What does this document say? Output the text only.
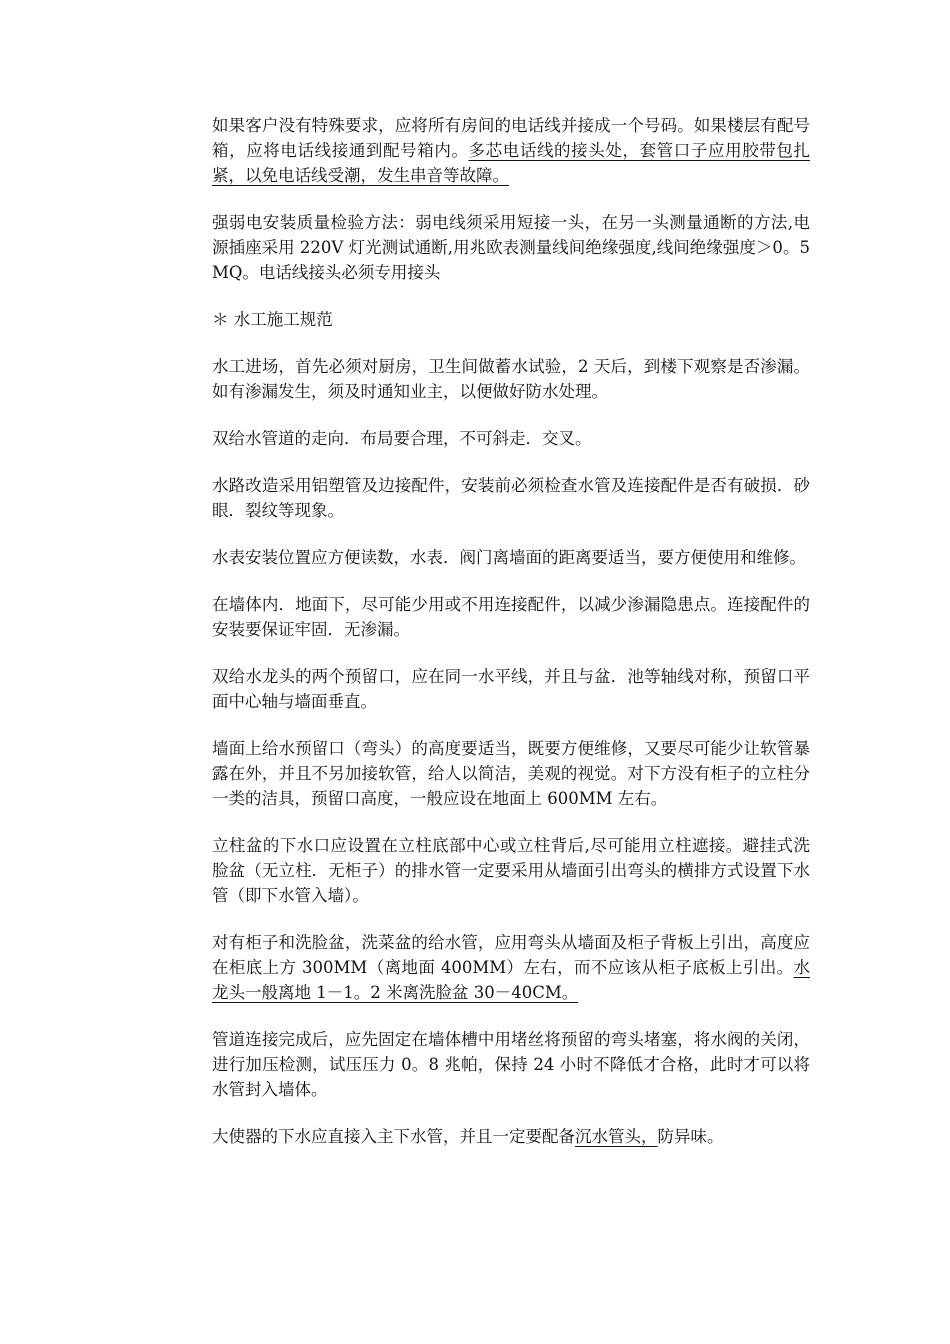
如果客户没有特殊要求，应将所有房间的电话线并接成一个号码。如果楼层有配号箱，应将电话线接通到配号箱内。多芯电话线的接头处，套管口子应用胶带包扎紧，以免电话线受潮，发生串音等故障。

强弱电安装质量检验方法：弱电线须采用短接一头，在另一头测量通断的方法,电源插座采用 220V 灯光测试通断,用兆欧表测量线间绝缘强度,线间绝缘强度＞0。5MQ。电话线接头必须专用接头

＊ 水工施工规范

水工进场，首先必须对厨房，卫生间做蓄水试验，2 天后，到楼下观察是否渗漏。如有渗漏发生，须及时通知业主，以便做好防水处理。

双给水管道的走向．布局要合理，不可斜走．交叉。

水路改造采用铝塑管及边接配件，安装前必须检查水管及连接配件是否有破损．砂眼．裂纹等现象。

水表安装位置应方便读数，水表．阀门离墙面的距离要适当，要方便使用和维修。

在墙体内．地面下，尽可能少用或不用连接配件，以减少渗漏隐患点。连接配件的安装要保证牢固．无渗漏。

双给水龙头的两个预留口，应在同一水平线，并且与盆．池等轴线对称，预留口平面中心轴与墙面垂直。

墙面上给水预留口（弯头）的高度要适当，既要方便维修，又要尽可能少让软管暴露在外，并且不另加接软管，给人以简洁，美观的视觉。对下方没有柜子的立柱分一类的洁具，预留口高度，一般应设在地面上 600MM 左右。

立柱盆的下水口应设置在立柱底部中心或立柱背后,尽可能用立柱遮接。避挂式洗脸盆（无立柱．无柜子）的排水管一定要采用从墙面引出弯头的横排方式设置下水管（即下水管入墙）。

对有柜子和洗脸盆，洗菜盆的给水管，应用弯头从墙面及柜子背板上引出，高度应在柜底上方 300MM（离地面 400MM）左右，而不应该从柜子底板上引出。水龙头一般离地 1－1。2 米离洗脸盆 30－40CM。

管道连接完成后，应先固定在墙体槽中用堵丝将预留的弯头堵塞，将水阀的关闭，进行加压检测，试压压力 0。8 兆帕，保持 24 小时不降低才合格，此时才可以将水管封入墙体。

大使器的下水应直接入主下水管，并且一定要配备沉水管头，防异味。
